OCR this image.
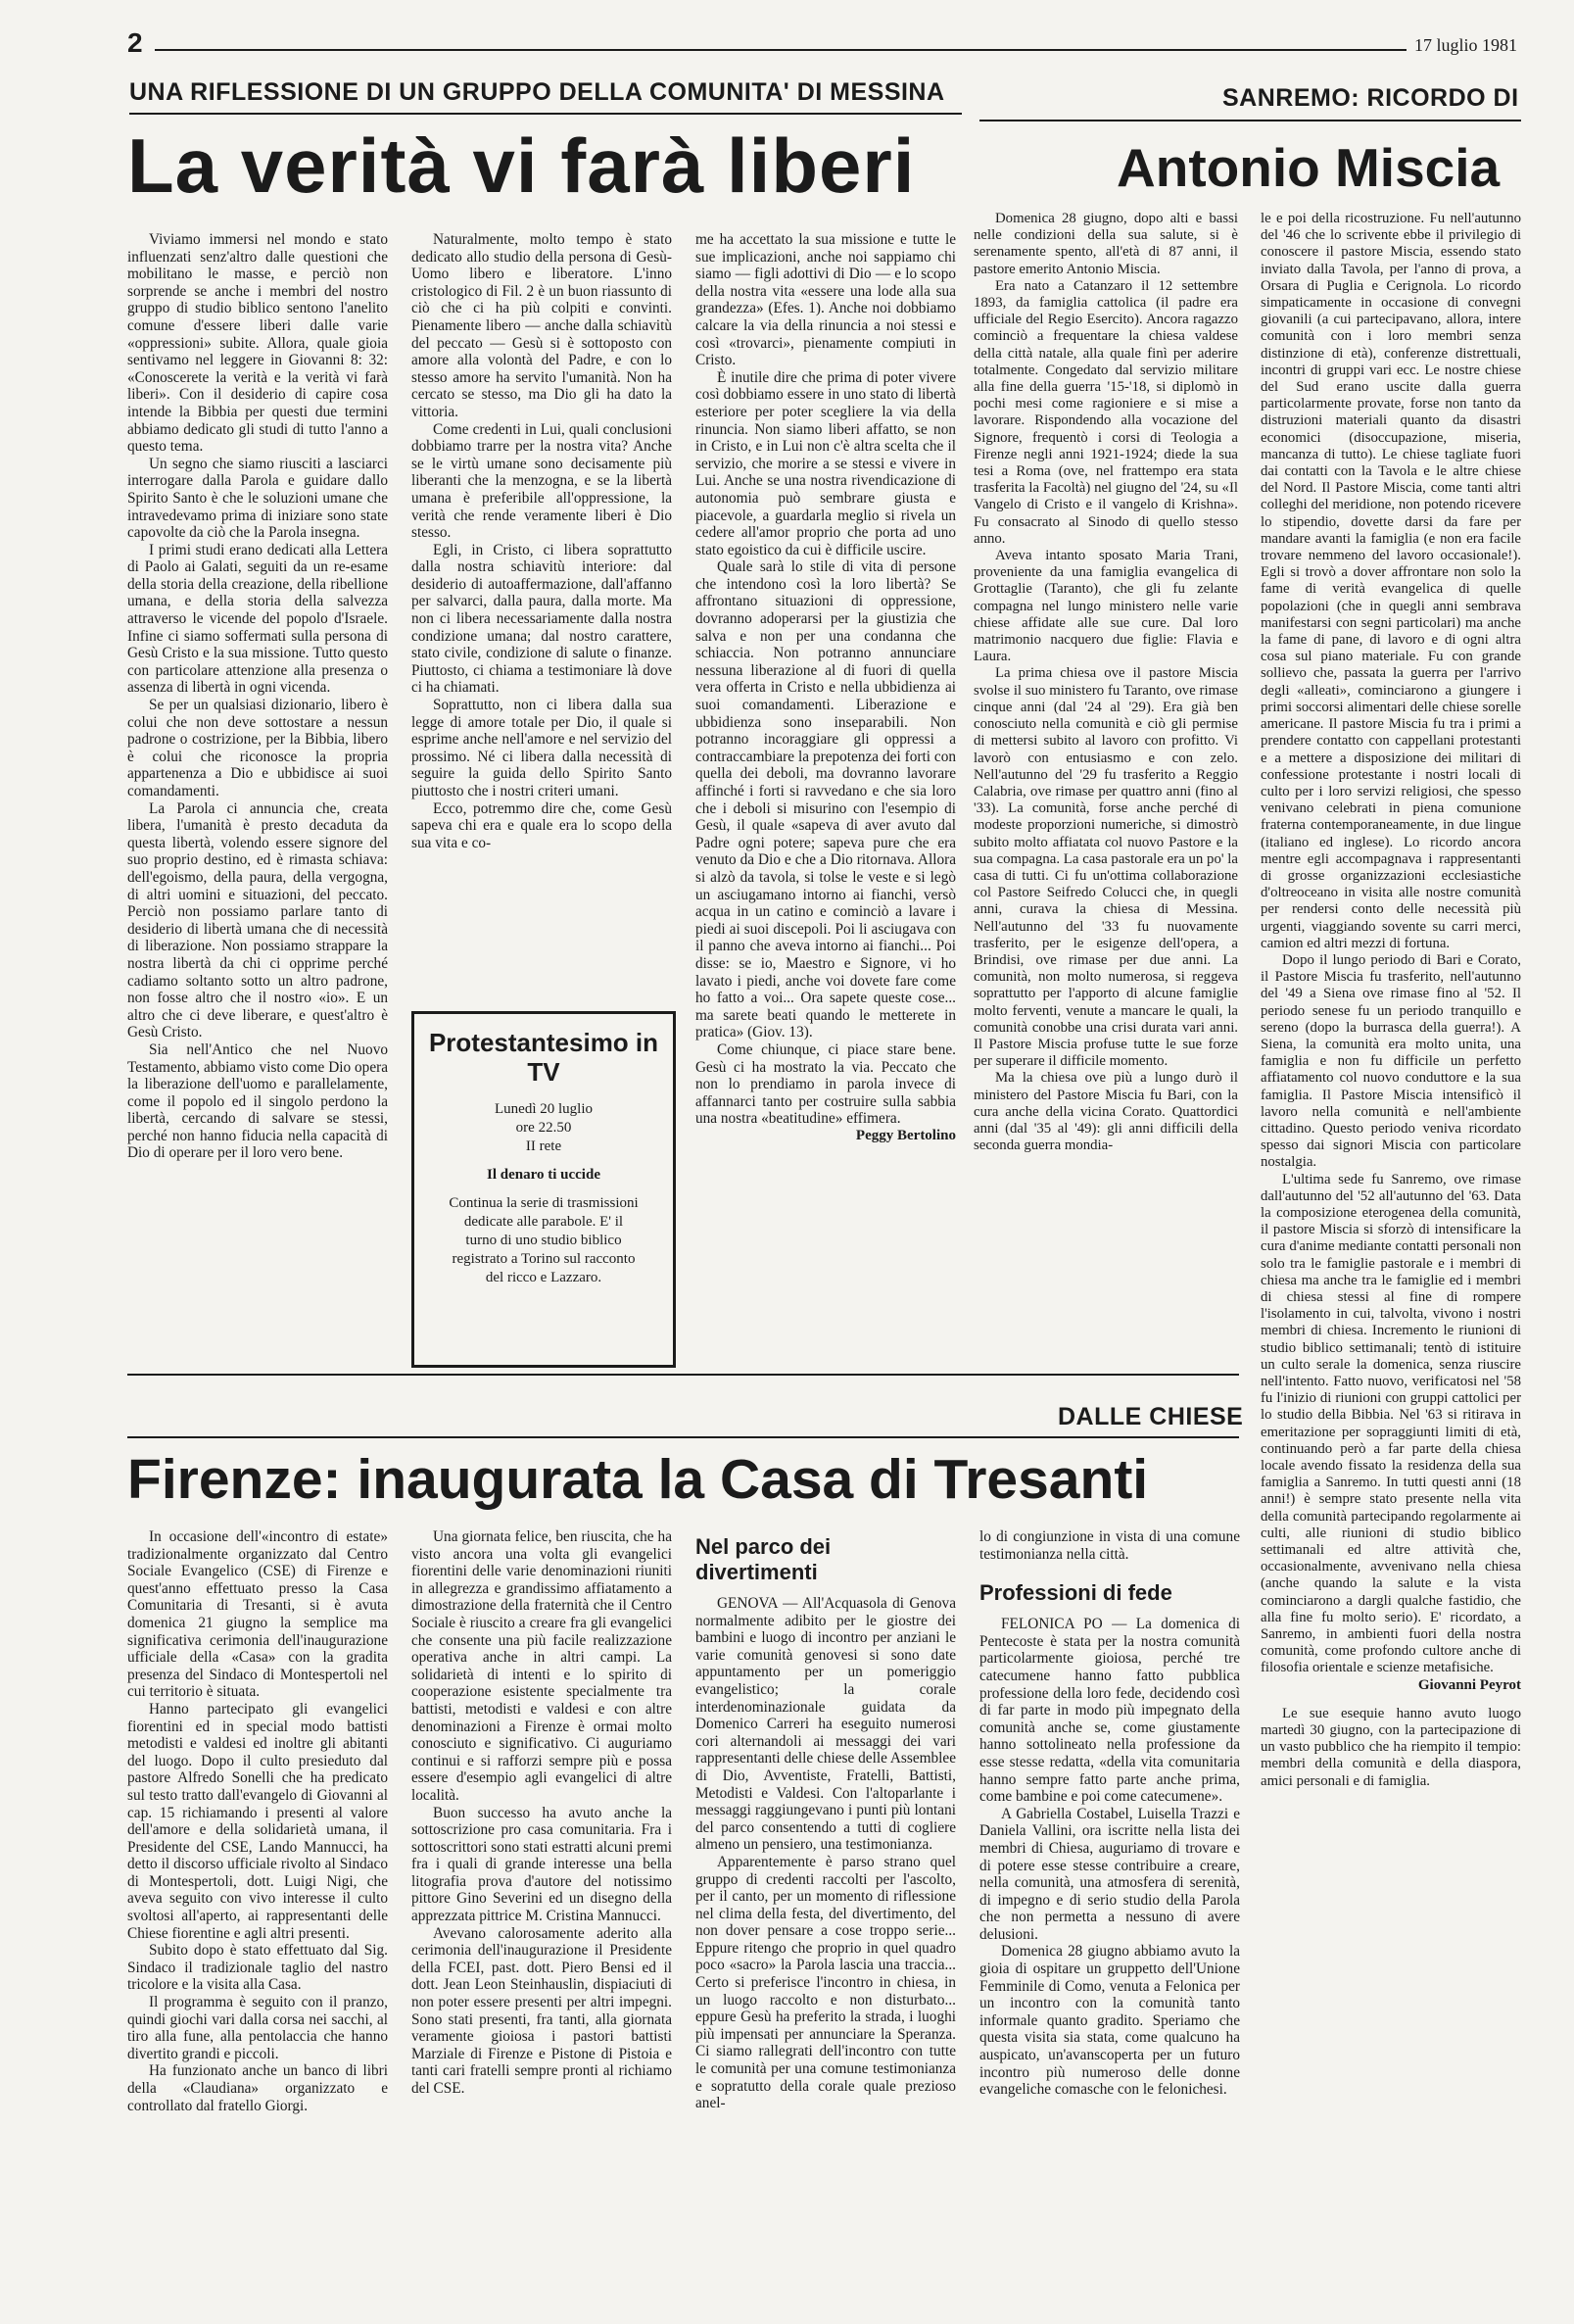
2	17 luglio 1981
UNA RIFLESSIONE DI UN GRUPPO DELLA COMUNITA' DI MESSINA	SANREMO: RICORDO DI
La verità vi farà liberi	Antonio Miscia

Viviamo immersi nel mondo e stato influenzati senz'altro dalle questioni che mobilitano le masse, e perciò non sorprende se anche i membri del nostro gruppo di studio biblico sentono l'anelito comune d'essere liberi dalle varie «oppressioni» subite. Allora, quale gioia sentivamo nel leggere in Giovanni 8: 32: «Conoscerete la verità e la verità vi farà liberi». Con il desiderio di capire cosa intende la Bibbia per questi due termini abbiamo dedicato gli studi di tutto l'anno a questo tema.

Un segno che siamo riusciti a lasciarci interrogare dalla Parola e guidare dallo Spirito Santo è che le soluzioni umane che intravedevamo prima di iniziare sono state capovolte da ciò che la Parola insegna.

I primi studi erano dedicati alla Lettera di Paolo ai Galati, seguiti da un re-esame della storia della creazione, della ribellione umana, e della storia della salvezza attraverso le vicende del popolo d'Israele. Infine ci siamo soffermati sulla persona di Gesù Cristo e la sua missione. Tutto questo con particolare attenzione alla presenza o assenza di libertà in ogni vicenda.

Se per un qualsiasi dizionario, libero è colui che non deve sottostare a nessun padrone o costrizione, per la Bibbia, libero è colui che riconosce la propria appartenenza a Dio e ubbidisce ai suoi comandamenti.

La Parola ci annuncia che, creata libera, l'umanità è presto decaduta da questa libertà, volendo essere signore del suo proprio destino, ed è rimasta schiava: dell'egoismo, della paura, della vergogna, di altri uomini e situazioni, del peccato. Perciò non possiamo parlare tanto di desiderio di libertà umana che di necessità di liberazione. Non possiamo strappare la nostra libertà da chi ci opprime perché cadiamo soltanto sotto un altro padrone, non fosse altro che il nostro «io». E un altro che ci deve liberare, e quest'altro è Gesù Cristo.

Sia nell'Antico che nel Nuovo Testamento, abbiamo visto come Dio opera la liberazione dell'uomo e parallelamente, come il popolo ed il singolo perdono la libertà, cercando di salvare se stessi, perché non hanno fiducia nella capacità di Dio di operare per il loro vero bene.

Naturalmente, molto tempo è stato dedicato allo studio della persona di Gesù-Uomo libero e liberatore. L'inno cristologico di Fil. 2 è un buon riassunto di ciò che ci ha più colpiti e convinti. Pienamente libero — anche dalla schiavitù del peccato — Gesù si è sottoposto con amore alla volontà del Padre, e con lo stesso amore ha servito l'umanità. Non ha cercato se stesso, ma Dio gli ha dato la vittoria.

Come credenti in Lui, quali conclusioni dobbiamo trarre per la nostra vita? Anche se le virtù umane sono decisamente più liberanti che la menzogna, e se la libertà umana è preferibile all'oppressione, la verità che rende veramente liberi è Dio stesso.

Egli, in Cristo, ci libera soprattutto dalla nostra schiavitù interiore: dal desiderio di autoaffermazione, dall'affanno per salvarci, dalla paura, dalla morte. Ma non ci libera necessariamente dalla nostra condizione umana; dal nostro carattere, stato civile, condizione di salute o finanze. Piuttosto, ci chiama a testimoniare là dove ci ha chiamati.

Soprattutto, non ci libera dalla sua legge di amore totale per Dio, il quale si esprime anche nell'amore e nel servizio del prossimo. Né ci libera dalla necessità di seguire la guida dello Spirito Santo piuttosto che i nostri criteri umani.

Ecco, potremmo dire che, come Gesù sapeva chi era e quale era lo scopo della sua vita e co-

Protestantesimo in TV

Lunedì 20 luglio

ore 22.50

II rete

Il denaro ti uccide

Continua la serie di trasmissioni dedicate alle parabole. E' il turno di uno studio biblico registrato a Torino sul racconto del ricco e Lazzaro.

me ha accettato la sua missione e tutte le sue implicazioni, anche noi sappiamo chi siamo — figli adottivi di Dio — e lo scopo della nostra vita «essere una lode alla sua grandezza» (Efes. 1). Anche noi dobbiamo calcare la via della rinuncia a noi stessi e così «trovarci», pienamente compiuti in Cristo.

È inutile dire che prima di poter vivere così dobbiamo essere in uno stato di libertà esteriore per poter scegliere la via della rinuncia. Non siamo liberi affatto, se non in Cristo, e in Lui non c'è altra scelta che il servizio, che morire a se stessi e vivere in Lui. Anche se una nostra rivendicazione di autonomia può sembrare giusta e piacevole, a guardarla meglio si rivela un cedere all'amor proprio che porta ad uno stato egoistico da cui è difficile uscire.

Quale sarà lo stile di vita di persone che intendono così la loro libertà? Se affrontano situazioni di oppressione, dovranno adoperarsi per la giustizia che salva e non per una condanna che schiaccia. Non potranno annunciare nessuna liberazione al di fuori di quella vera offerta in Cristo e nella ubbidienza ai suoi comandamenti. Liberazione e ubbidienza sono inseparabili. Non potranno incoraggiare gli oppressi a contraccambiare la prepotenza dei forti con quella dei deboli, ma dovranno lavorare affinché i forti si ravvedano e che sia loro che i deboli si misurino con l'esempio di Gesù, il quale «sapeva di aver avuto dal Padre ogni potere; sapeva pure che era venuto da Dio e che a Dio ritornava. Allora si alzò da tavola, si tolse le veste e si legò un asciugamano intorno ai fianchi, versò acqua in un catino e cominciò a lavare i piedi ai suoi discepoli. Poi li asciugava con il panno che aveva intorno ai fianchi... Poi disse: se io, Maestro e Signore, vi ho lavato i piedi, anche voi dovete fare come ho fatto a voi... Ora sapete queste cose... ma sarete beati quando le metterete in pratica» (Giov. 13).

Come chiunque, ci piace stare bene. Gesù ci ha mostrato la via. Peccato che non lo prendiamo in parola invece di affannarci tanto per costruire sulla sabbia una nostra «beatitudine» effimera.

Peggy Bertolino

Domenica 28 giugno, dopo alti e bassi nelle condizioni della sua salute, si è serenamente spento, all'età di 87 anni, il pastore emerito Antonio Miscia.

Era nato a Catanzaro il 12 settembre 1893, da famiglia cattolica (il padre era ufficiale del Regio Esercito). Ancora ragazzo cominciò a frequentare la chiesa valdese della città natale, alla quale finì per aderire totalmente. Congedato dal servizio militare alla fine della guerra '15-'18, si diplomò in pochi mesi come ragioniere e si mise a lavorare. Rispondendo alla vocazione del Signore, frequentò i corsi di Teologia a Firenze negli anni 1921-1924; diede la sua tesi a Roma (ove, nel frattempo era stata trasferita la Facoltà) nel giugno del '24, su «Il Vangelo di Cristo e il vangelo di Krishna». Fu consacrato al Sinodo di quello stesso anno.

Aveva intanto sposato Maria Trani, proveniente da una famiglia evangelica di Grottaglie (Taranto), che gli fu zelante compagna nel lungo ministero nelle varie chiese affidate alle sue cure. Dal loro matrimonio nacquero due figlie: Flavia e Laura.

La prima chiesa ove il pastore Miscia svolse il suo ministero fu Taranto, ove rimase cinque anni (dal '24 al '29). Era già ben conosciuto nella comunità e ciò gli permise di mettersi subito al lavoro con profitto. Vi lavorò con entusiasmo e con zelo. Nell'autunno del '29 fu trasferito a Reggio Calabria, ove rimase per quattro anni (fino al '33). La comunità, forse anche perché di modeste proporzioni numeriche, si dimostrò subito molto affiatata col nuovo Pastore e la sua compagna. La casa pastorale era un po' la casa di tutti. Ci fu un'ottima collaborazione col Pastore Seifredo Colucci che, in quegli anni, curava la chiesa di Messina. Nell'autunno del '33 fu nuovamente trasferito, per le esigenze dell'opera, a Brindisi, ove rimase per due anni. La comunità, non molto numerosa, si reggeva soprattutto per l'apporto di alcune famiglie molto ferventi, venute a mancare le quali, la comunità conobbe una crisi durata vari anni. Il Pastore Miscia profuse tutte le sue forze per superare il difficile momento.

Ma la chiesa ove più a lungo durò il ministero del Pastore Miscia fu Bari, con la cura anche della vicina Corato. Quattordici anni (dal '35 al '49): gli anni difficili della seconda guerra mondia-

le e poi della ricostruzione. Fu nell'autunno del '46 che lo scrivente ebbe il privilegio di conoscere il pastore Miscia, essendo stato inviato dalla Tavola, per l'anno di prova, a Orsara di Puglia e Cerignola. Lo ricordo simpaticamente in occasione di convegni giovanili (a cui partecipavano, allora, intere comunità con i loro membri senza distinzione di età), conferenze distrettuali, incontri di gruppi vari ecc. Le nostre chiese del Sud erano uscite dalla guerra particolarmente provate, forse non tanto da distruzioni materiali quanto da disastri economici (disoccupazione, miseria, mancanza di tutto). Le chiese tagliate fuori dai contatti con la Tavola e le altre chiese del Nord. Il Pastore Miscia, come tanti altri colleghi del meridione, non potendo ricevere lo stipendio, dovette darsi da fare per mandare avanti la famiglia (e non era facile trovare nemmeno del lavoro occasionale!). Egli si trovò a dover affrontare non solo la fame di verità evangelica di quelle popolazioni (che in quegli anni sembrava manifestarsi con segni particolari) ma anche la fame di pane, di lavoro e di ogni altra cosa sul piano materiale. Fu con grande sollievo che, passata la guerra per l'arrivo degli «alleati», cominciarono a giungere i primi soccorsi alimentari delle chiese sorelle americane. Il pastore Miscia fu tra i primi a prendere contatto con cappellani protestanti e a mettere a disposizione dei militari di confessione protestante i nostri locali di culto per i loro servizi religiosi, che spesso venivano celebrati in piena comunione fraterna contemporaneamente, in due lingue (italiano ed inglese). Lo ricordo ancora mentre egli accompagnava i rappresentanti di grosse organizzazioni ecclesiastiche d'oltreoceano in visita alle nostre comunità per rendersi conto delle necessità più urgenti, viaggiando sovente su carri merci, camion ed altri mezzi di fortuna.

Dopo il lungo periodo di Bari e Corato, il Pastore Miscia fu trasferito, nell'autunno del '49 a Siena ove rimase fino al '52. Il periodo senese fu un periodo tranquillo e sereno (dopo la burrasca della guerra!). A Siena, la comunità era molto unita, una famiglia e non fu difficile un perfetto affiatamento col nuovo conduttore e la sua famiglia. Il Pastore Miscia intensificò il lavoro nella comunità e nell'ambiente cittadino. Questo periodo veniva ricordato spesso dai signori Miscia con particolare nostalgia.

L'ultima sede fu Sanremo, ove rimase dall'autunno del '52 all'autunno del '63. Data la composizione eterogenea della comunità, il pastore Miscia si sforzò di intensificare la cura d'anime mediante contatti personali non solo tra le famiglie pastorale e i membri di chiesa ma anche tra le famiglie ed i membri di chiesa stessi al fine di rompere l'isolamento in cui, talvolta, vivono i nostri membri di chiesa. Incremento le riunioni di studio biblico settimanali; tentò di istituire un culto serale la domenica, senza riuscire nell'intento. Fatto nuovo, verificatosi nel '58 fu l'inizio di riunioni con gruppi cattolici per lo studio della Bibbia. Nel '63 si ritirava in emeritazione per sopraggiunti limiti di età, continuando però a far parte della chiesa locale avendo fissato la residenza della sua famiglia a Sanremo. In tutti questi anni (18 anni!) è sempre stato presente nella vita della comunità partecipando regolarmente ai culti, alle riunioni di studio biblico settimanali ed altre attività che, occasionalmente, avvenivano nella chiesa (anche quando la salute e la vista cominciarono a dargli qualche fastidio, che alla fine fu molto serio). E' ricordato, a Sanremo, in ambienti fuori della nostra comunità, come profondo cultore anche di filosofia orientale e scienze metafisiche.

Giovanni Peyrot

Le sue esequie hanno avuto luogo martedì 30 giugno, con la partecipazione di un vasto pubblico che ha riempito il tempio: membri della comunità e della diaspora, amici personali e di famiglia.

DALLE CHIESE
Firenze: inaugurata la Casa di Tresanti

In occasione dell'«incontro di estate» tradizionalmente organizzato dal Centro Sociale Evangelico (CSE) di Firenze e quest'anno effettuato presso la Casa Comunitaria di Tresanti, si è avuta domenica 21 giugno la semplice ma significativa cerimonia dell'inaugurazione ufficiale della «Casa» con la gradita presenza del Sindaco di Montespertoli nel cui territorio è situata.

Hanno partecipato gli evangelici fiorentini ed in special modo battisti metodisti e valdesi ed inoltre gli abitanti del luogo. Dopo il culto presieduto dal pastore Alfredo Sonelli che ha predicato sul testo tratto dall'evangelo di Giovanni al cap. 15 richiamando i presenti al valore dell'amore e della solidarietà umana, il Presidente del CSE, Lando Mannucci, ha detto il discorso ufficiale rivolto al Sindaco di Montespertoli, dott. Luigi Nigi, che aveva seguito con vivo interesse il culto svoltosi all'aperto, ai rappresentanti delle Chiese fiorentine e agli altri presenti.

Subito dopo è stato effettuato dal Sig. Sindaco il tradizionale taglio del nastro tricolore e la visita alla Casa.

Il programma è seguito con il pranzo, quindi giochi vari dalla corsa nei sacchi, al tiro alla fune, alla pentolaccia che hanno divertito grandi e piccoli.

Ha funzionato anche un banco di libri della «Claudiana» organizzato e controllato dal fratello Giorgi.

Una giornata felice, ben riuscita, che ha visto ancora una volta gli evangelici fiorentini delle varie denominazioni riuniti in allegrezza e grandissimo affiatamento a dimostrazione della fraternità che il Centro Sociale è riuscito a creare fra gli evangelici che consente una più facile realizzazione operativa anche in altri campi. La solidarietà di intenti e lo spirito di cooperazione esistente specialmente tra battisti, metodisti e valdesi e con altre denominazioni a Firenze è ormai molto conosciuto e significativo. Ci auguriamo continui e si rafforzi sempre più e possa essere d'esempio agli evangelici di altre località.

Buon successo ha avuto anche la sottoscrizione pro casa comunitaria. Fra i sottoscrittori sono stati estratti alcuni premi fra i quali di grande interesse una bella litografia prova d'autore del notissimo pittore Gino Severini ed un disegno della apprezzata pittrice M. Cristina Mannucci.

Avevano calorosamente aderito alla cerimonia dell'inaugurazione il Presidente della FCEI, past. dott. Piero Bensi ed il dott. Jean Leon Steinhauslin, dispiaciuti di non poter essere presenti per altri impegni. Sono stati presenti, fra tanti, alla giornata veramente gioiosa i pastori battisti Marziale di Firenze e Pistone di Pistoia e tanti cari fratelli sempre pronti al richiamo del CSE.

Nel parco dei divertimenti

GENOVA — All'Acquasola di Genova normalmente adibito per le giostre dei bambini e luogo di incontro per anziani le varie comunità genovesi si sono date appuntamento per un pomeriggio evangelistico; la corale interdenominazionale guidata da Domenico Carreri ha eseguito numerosi cori alternandoli ai messaggi dei vari rappresentanti delle chiese delle Assemblee di Dio, Avventiste, Fratelli, Battisti, Metodisti e Valdesi. Con l'altoparlante i messaggi raggiungevano i punti più lontani del parco consentendo a tutti di cogliere almeno un pensiero, una testimonianza.

Apparentemente è parso strano quel gruppo di credenti raccolti per l'ascolto, per il canto, per un momento di riflessione nel clima della festa, del divertimento, del non dover pensare a cose troppo serie... Eppure ritengo che proprio in quel quadro poco «sacro» la Parola lascia una traccia... Certo si preferisce l'incontro in chiesa, in un luogo raccolto e non disturbato... eppure Gesù ha preferito la strada, i luoghi più impensati per annunciare la Speranza. Ci siamo rallegrati dell'incontro con tutte le comunità per una comune testimonianza e sopratutto della corale quale prezioso anel-

lo di congiunzione in vista di una comune testimonianza nella città.

Professioni di fede

FELONICA PO — La domenica di Pentecoste è stata per la nostra comunità particolarmente gioiosa, perché tre catecumene hanno fatto pubblica professione della loro fede, decidendo così di far parte in modo più impegnato della comunità anche se, come giustamente hanno sottolineato nella professione da esse stesse redatta, «della vita comunitaria hanno sempre fatto parte anche prima, come bambine e poi come catecumene».

A Gabriella Costabel, Luisella Trazzi e Daniela Vallini, ora iscritte nella lista dei membri di Chiesa, auguriamo di trovare e di potere esse stesse contribuire a creare, nella comunità, una atmosfera di serenità, di impegno e di serio studio della Parola che non permetta a nessuno di avere delusioni.

Domenica 28 giugno abbiamo avuto la gioia di ospitare un gruppetto dell'Unione Femminile di Como, venuta a Felonica per un incontro con la comunità tanto informale quanto gradito. Speriamo che questa visita sia stata, come qualcuno ha auspicato, un'avanscoperta per un futuro incontro più numeroso delle donne evangeliche comasche con le felonichesi.
